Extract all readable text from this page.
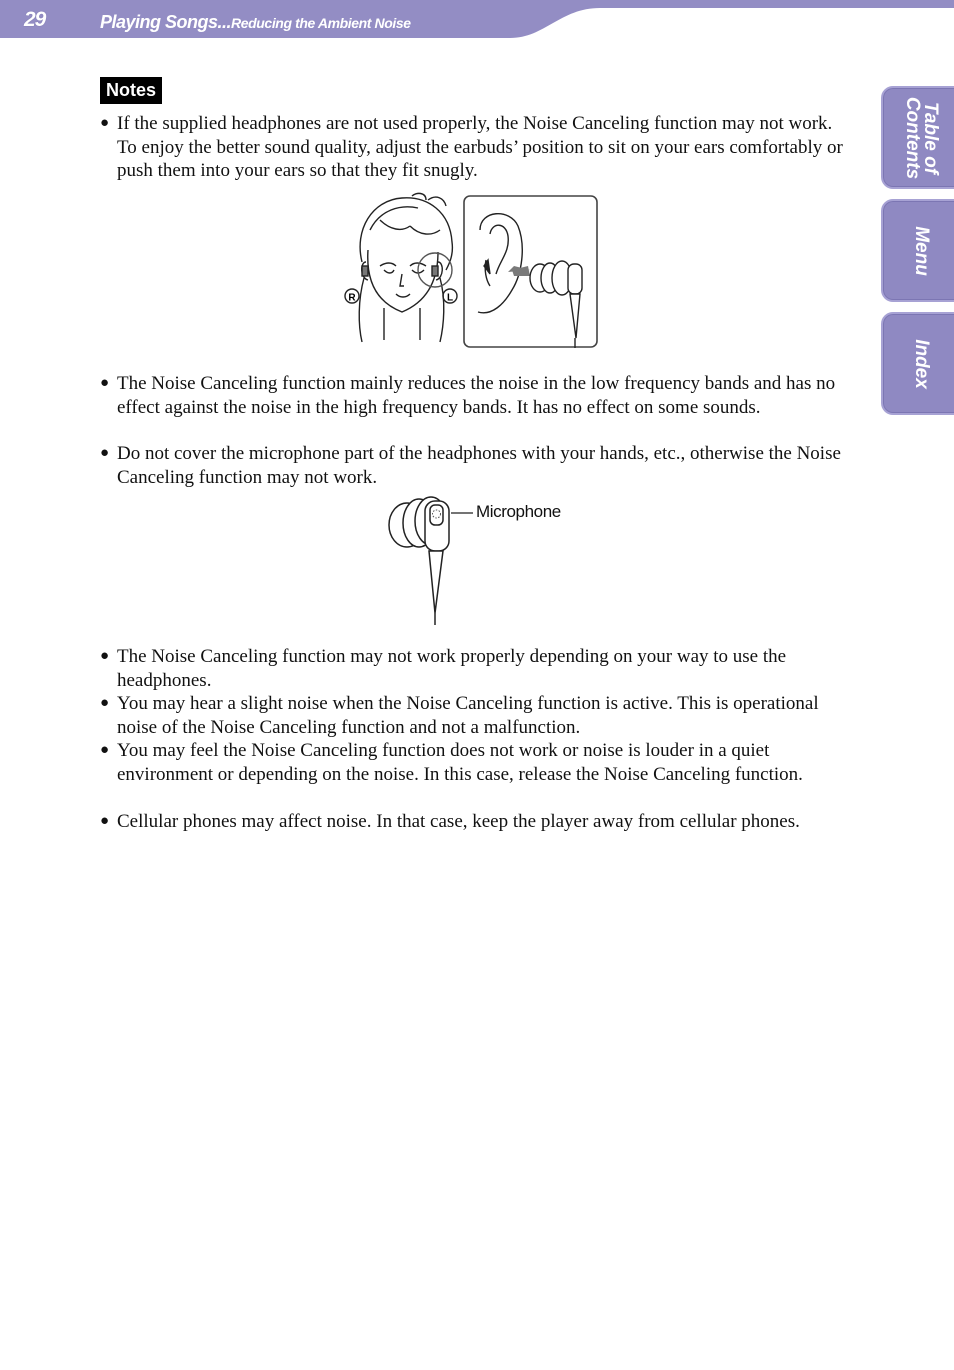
29	Playing Songs...Reducing the Ambient Noise
Table of
Contents
Menu
Index
Notes
● If the supplied headphones are not used properly, the Noise Canceling function may not work. To enjoy the better sound quality, adjust the earbuds’ position to sit on your ears comfortably or push them into your ears so that they fit snugly.
R	L
● The Noise Canceling function mainly reduces the noise in the low frequency bands and has no effect against the noise in the high frequency bands. It has no effect on some sounds.
● Do not cover the microphone part of the headphones with your hands, etc., otherwise the Noise Canceling function may not work.
Microphone
● The Noise Canceling function may not work properly depending on your way to use the headphones.
● You may hear a slight noise when the Noise Canceling function is active. This is operational noise of the Noise Canceling function and not a malfunction.
● You may feel the Noise Canceling function does not work or noise is louder in a quiet environment or depending on the noise. In this case, release the Noise Canceling function.
● Cellular phones may affect noise. In that case, keep the player away from cellular phones.
